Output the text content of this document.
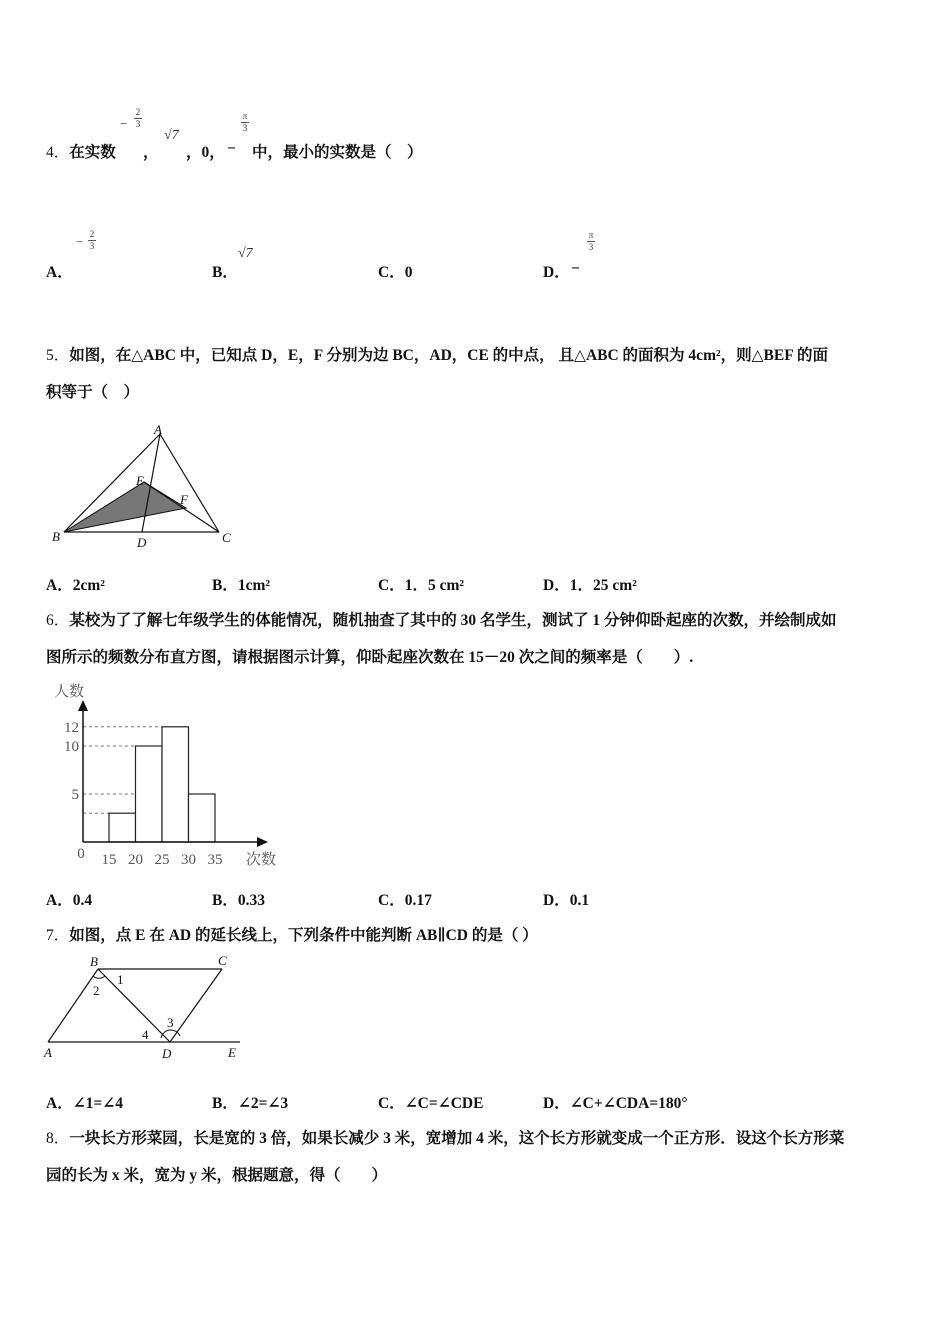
4．在实数
−
2
3
，
√7
，0， −
π
3
中，最小的实数是（　）
A．
− 2
3
B．
√7
C．0	D． −
π
3
5．如图，在△ABC 中，已知点 D，E，F 分别为边 BC，AD，CE 的中点， 且△ABC 的面积为 4cm²，则△BEF 的面
积等于（　）
A
B	C
D
E
F
A．2cm²	B．1cm²	C．1．5 cm²	D．1．25 cm²
6．某校为了了解七年级学生的体能情况，随机抽查了其中的 30 名学生，测试了 1 分钟仰卧起座的次数，并绘制成如
图所示的频数分布直方图，请根据图示计算，仰卧起座次数在 15－20 次之间的频率是（　　）.
人数
次数
5
10
12
0 15 20 25 30 35
A．0.4	B．0.33	C．0.17	D．0.1
7．如图，点 E 在 AD 的延长线上，下列条件中能判断 AB∥CD 的是（ ）
B	C
A	D	E
1
2
3
4
A．∠1=∠4	B．∠2=∠3	C．∠C=∠CDE	D．∠C+∠CDA=180°
8．一块长方形菜园，长是宽的 3 倍，如果长减少 3 米，宽增加 4 米，这个长方形就变成一个正方形．设这个长方形菜
园的长为 x 米，宽为 y 米，根据题意，得（　　）
